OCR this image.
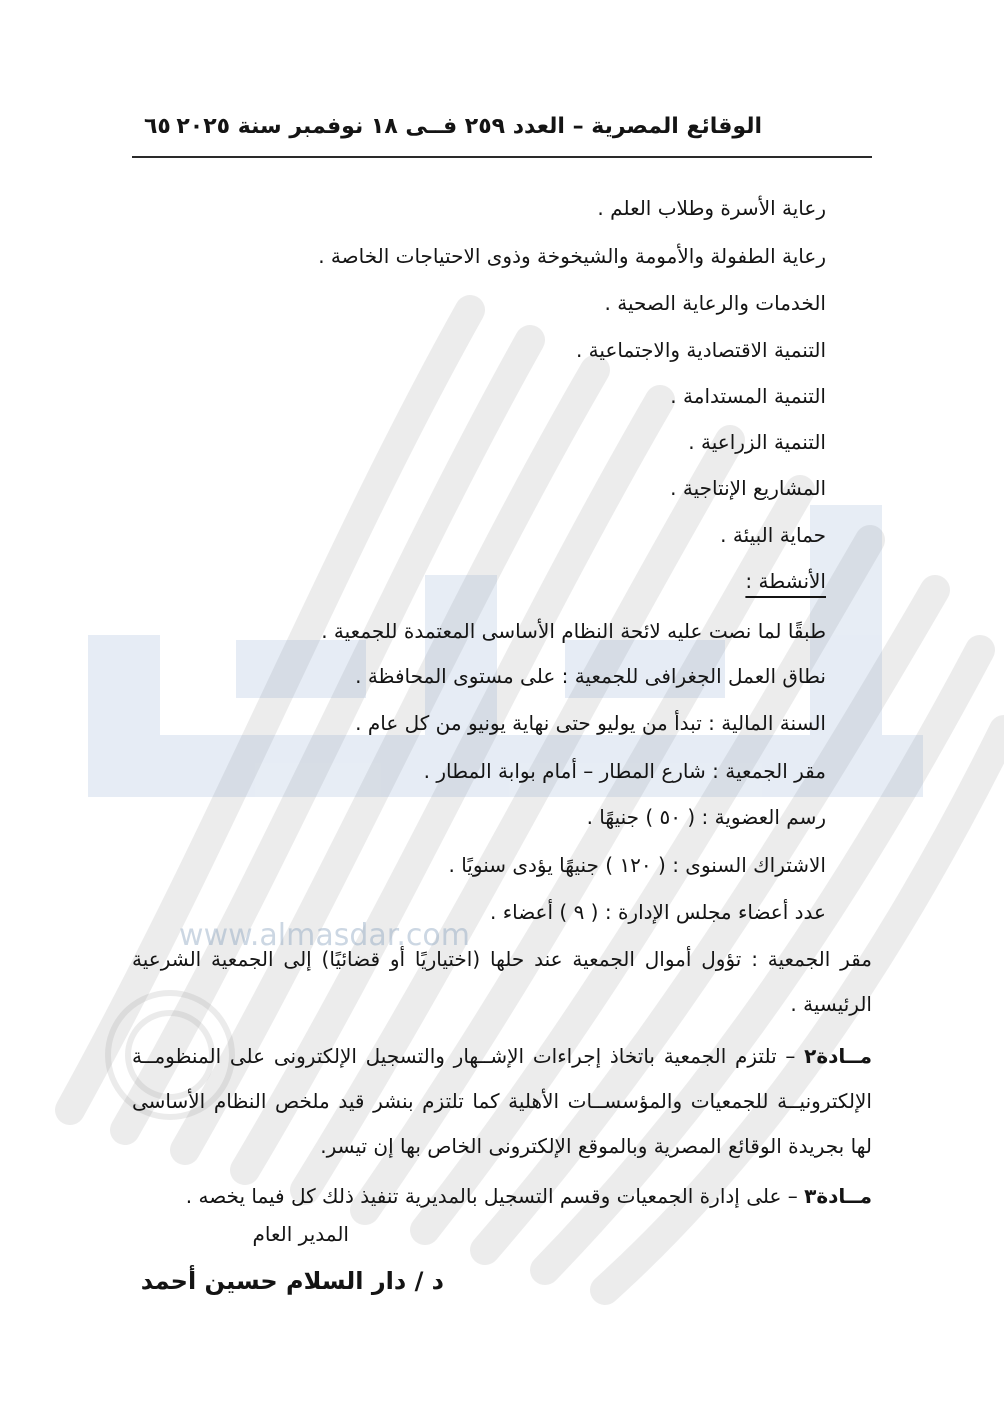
www.almasdar.com
الوقائع المصرية – العدد ٢٥٩ فــى ١٨ نوفمبر سنة ٢٠٢٥
٦٥
رعاية الأسرة وطلاب العلم .
رعاية الطفولة والأمومة والشيخوخة وذوى الاحتياجات الخاصة .
الخدمات والرعاية الصحية .
التنمية الاقتصادية والاجتماعية .
التنمية المستدامة .
التنمية الزراعية .
المشاريع الإنتاجية .
حماية البيئة .
الأنشطة :
طبقًا لما نصت عليه لائحة النظام الأساسى المعتمدة للجمعية .
نطاق العمل الجغرافى للجمعية : على مستوى المحافظة .
السنة المالية : تبدأ من يوليو حتى نهاية يونيو من كل عام .
مقر الجمعية : شارع المطار – أمام بوابة المطار .
رسم العضوية : ( ٥٠ ) جنيهًا .
الاشتراك السنوى : ( ١٢٠ ) جنيهًا يؤدى سنويًا .
عدد أعضاء مجلس الإدارة : ( ٩ ) أعضاء .
مقر الجمعية : تؤول أموال الجمعية عند حلها (اختياريًا أو قضائيًا) إلى الجمعية الشرعية الرئيسية .
مــادة٢ – تلتزم الجمعية باتخاذ إجراءات الإشــهار والتسجيل الإلكترونى على المنظومــة الإلكترونيــة للجمعيات والمؤسســات الأهلية كما تلتزم بنشر قيد ملخص النظام الأساسى لها بجريدة الوقائع المصرية وبالموقع الإلكترونى الخاص بها إن تيسر.
مــادة٣ – على إدارة الجمعيات وقسم التسجيل بالمديرية تنفيذ ذلك كل فيما يخصه .
المدير العام
د / دار السلام حسين أحمد
